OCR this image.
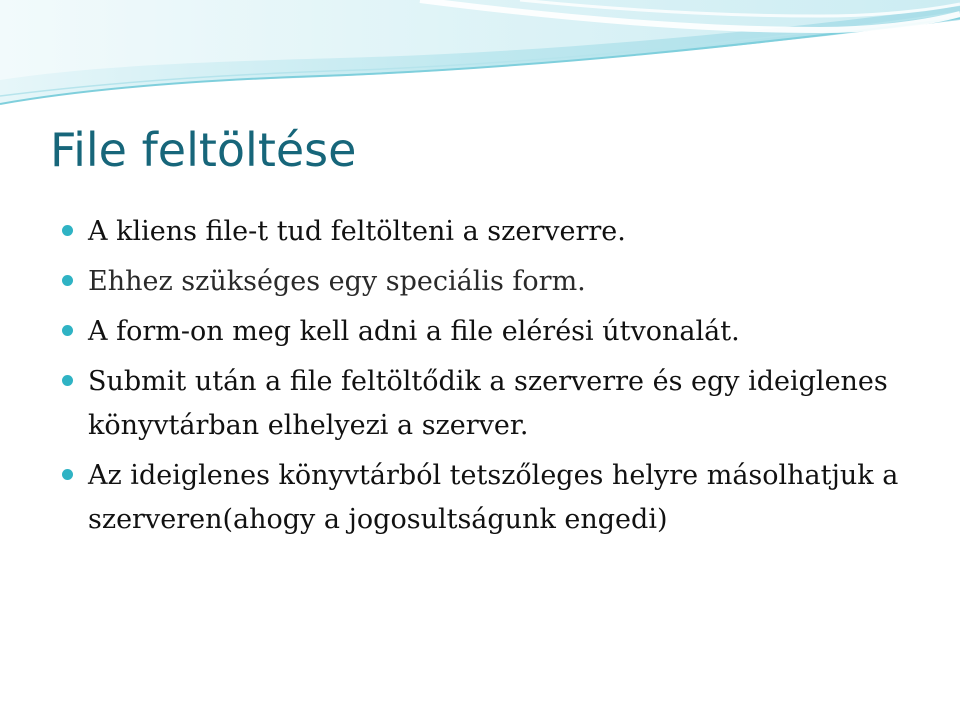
File feltöltése
A kliens file-t tud feltölteni a szerverre.
Ehhez szükséges egy speciális form.
A form-on meg kell adni a file elérési útvonalát.
Submit után a file feltöltődik a szerverre és egy ideiglenes könyvtárban elhelyezi a szerver.
Az ideiglenes könyvtárból tetszőleges helyre másolhatjuk a szerveren(ahogy a jogosultságunk engedi)
